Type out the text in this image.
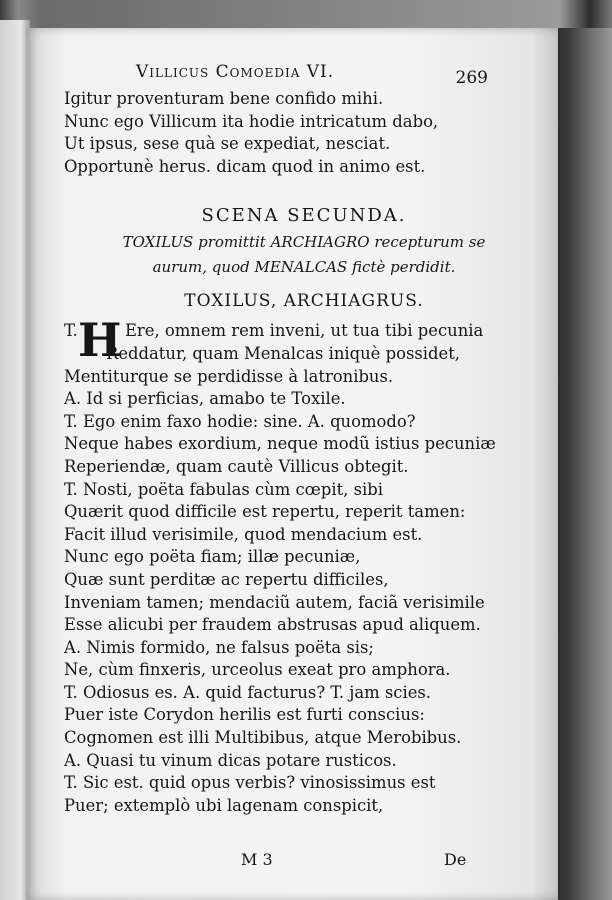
Villicus Comoedia VI.	269
Igitur proventuram bene confido mihi.
Nunc ego Villicum ita hodie intricatum dabo,
Ut ipsus, sese quà se expediat, nesciat.
Opportunè herus. dicam quod in animo est.
SCENA SECUNDA.
TOXILUS promittit ARCHIAGRO recepturum se
aurum, quod MENALCAS fictè perdidit.
TOXILUS, ARCHIAGRUS.
T. H Ere, omnem rem inveni, ut tua tibi pecunia
Reddatur, quam Menalcas iniquè possidet,
Mentiturque se perdidisse à latronibus.
A. Id si perficias, amabo te Toxile.
T. Ego enim faxo hodie: sine. A. quomodo?
Neque habes exordium, neque modũ istius pecuniæ
Reperiendæ, quam cautè Villicus obtegit.
T. Nosti, poëta fabulas cùm cœpit, sibi
Quærit quod difficile est repertu, reperit tamen:
Facit illud verisimile, quod mendacium est.
Nunc ego poëta fiam; illæ pecuniæ,
Quæ sunt perditæ ac repertu difficiles,
Inveniam tamen; mendaciũ autem, faciã verisimile
Esse alicubi per fraudem abstrusas apud aliquem.
A. Nimis formido, ne falsus poëta sis;
Ne, cùm finxeris, urceolus exeat pro amphora.
T. Odiosus es. A. quid facturus? T. jam scies.
Puer iste Corydon herilis est furti conscius:
Cognomen est illi Multibibus, atque Merobibus.
A. Quasi tu vinum dicas potare rusticos.
T. Sic est. quid opus verbis? vinosissimus est
Puer; extemplò ubi lagenam conspicit,
M 3	De
